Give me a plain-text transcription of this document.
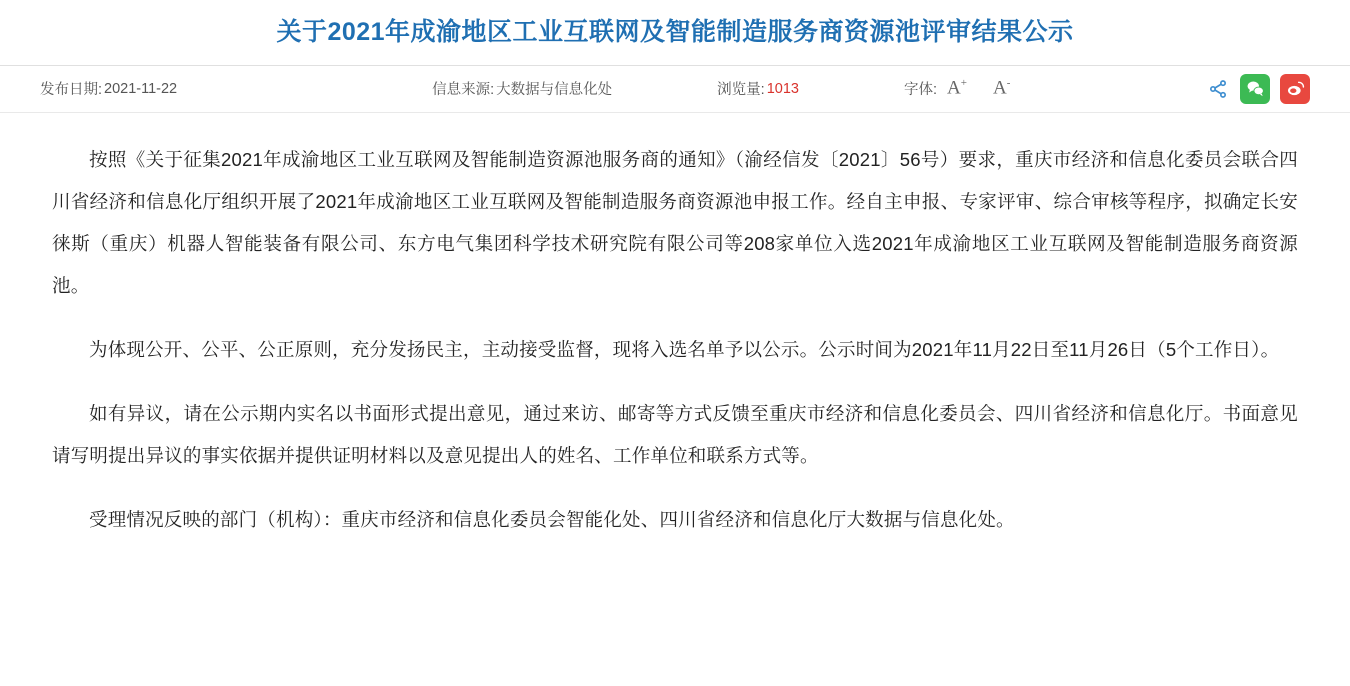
关于2021年成渝地区工业互联网及智能制造服务商资源池评审结果公示
发布日期: 2021-11-22	信息来源: 大数据与信息化处	浏览量: 1013	字体: A+ A-

按照《关于征集2021年成渝地区工业互联网及智能制造资源池服务商的通知》（渝经信发〔2021〕56号）要求，重庆市经济和信息化委员会联合四川省经济和信息化厅组织开展了2021年成渝地区工业互联网及智能制造服务商资源池申报工作。经自主申报、专家评审、综合审核等程序，拟确定长安徕斯（重庆）机器人智能装备有限公司、东方电气集团科学技术研究院有限公司等208家单位入选2021年成渝地区工业互联网及智能制造服务商资源池。

为体现公开、公平、公正原则，充分发扬民主，主动接受监督，现将入选名单予以公示。公示时间为2021年11月22日至11月26日（5个工作日）。

如有异议，请在公示期内实名以书面形式提出意见，通过来访、邮寄等方式反馈至重庆市经济和信息化委员会、四川省经济和信息化厅。书面意见请写明提出异议的事实依据并提供证明材料以及意见提出人的姓名、工作单位和联系方式等。

受理情况反映的部门（机构）：重庆市经济和信息化委员会智能化处、四川省经济和信息化厅大数据与信息化处。
